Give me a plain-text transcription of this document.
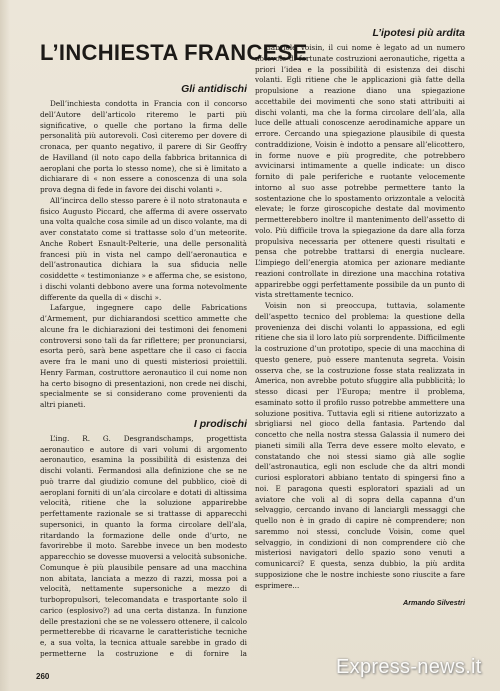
L’INCHIESTA FRANCESE
Gli antidischi

Dell’inchiesta condotta in Francia con il concorso dell’Autore dell’articolo riteremo le parti più significative, o quelle che portano la firma delle personalità più autorevoli. Così citeremo per dovere di cronaca, per quanto negativo, il parere di Sir Geoffry de Havilland (il noto capo della fabbrica britannica di aeroplani che porta lo stesso nome), che si è limitato a dichiarare di « non essere a conoscenza di una sola prova degna di fede in favore dei dischi volanti ».

All’incirca dello stesso parere è il noto stratonauta e fisico Augusto Piccard, che afferma di avere osservato una volta qualche cosa simile ad un disco volante, ma di aver constatato come si trattasse solo d’un meteorite. Anche Robert Esnault-Pelterie, una delle personalità francesi più in vista nel campo dell’aeronautica e dell’astronautica dichiara la sua sfiducia nelle cosiddette « testimonianze » e afferma che, se esistono, i dischi volanti debbono avere una forma notevolmente differente da quella di « dischi ».

Lafargue, ingegnere capo delle Fabrications d’Armement, pur dichiarandosi scettico ammette che alcune fra le dichiarazioni dei testimoni dei fenomeni controversi sono tali da far riflettere; per pronunciarsi, esorta però, sarà bene aspettare che il caso ci faccia avere fra le mani uno di questi misteriosi proiettili. Henry Farman, costruttore aeronautico il cui nome non ha certo bisogno di presentazioni, non crede nei dischi, specialmente se si considerano come provenienti da altri pianeti.

I prodischi

L’ing. R. G. Desgrandschamps, progettista aeronautico e autore di vari volumi di argomento aeronautico, esamina la possibilità di esistenza dei dischi volanti. Fermandosi alla definizione che se ne può trarre dal giudizio comune del pubblico, cioè di aeroplani forniti di un’ala circolare e dotati di altissima velocità, ritiene che la soluzione apparirebbe perfettamente razionale se si trattasse di apparecchi supersonici, in quanto la forma circolare dell’ala, ritardando la formazione delle onde d’urto, ne favorirebbe il moto. Sarebbe invece un ben modesto apparecchio se dovesse muoversi a velocità subsoniche. Comunque è più plausibile pensare ad una macchina non abitata, lanciata a mezzo di razzi, mossa poi a velocità, nettamente supersoniche a mezzo di turbopropulsori, telecomandata e trasportante solo il carico (esplosivo?) ad una certa distanza. In funzione delle prestazioni che se ne volessero ottenere, il calcolo permetterebbe di ricavarne le caratteristiche tecniche e, a sua volta, la tecnica attuale sarebbe in grado di permetterne la costruzione e di fornire la

L’ipotesi più ardita

Gabriele Voisin, il cui nome è legato ad un numero notevole di fortunate costruzioni aeronautiche, rigetta a priori l’idea e la possibilità di esistenza dei dischi volanti. Egli ritiene che le applicazioni già fatte della propulsione a reazione diano una spiegazione accettabile dei movimenti che sono stati attribuiti ai dischi volanti, ma che la forma circolare dell’ala, alla luce delle attuali conoscenze aerodinamiche appare un errore. Cercando una spiegazione plausibile di questa contraddizione, Voisin è indotto a pensare all’elicottero, in forme nuove e più progredite, che potrebbero avvicinarsi intimamente a quelle indicate: un disco fornito di pale periferiche e ruotante velocemente intorno al suo asse potrebbe permettere tanto la sostentazione che lo spostamento orizzontale a velocità elevate; le forze giroscopiche destate dal movimento permetterebbero inoltre il mantenimento dell’assetto di volo. Più difficile trova la spiegazione da dare alla forza propulsiva necessaria per ottenere questi risultati e pensa che potrebbe trattarsi di energia nucleare. L’impiego dell’energia atomica per azionare mediante reazioni controllate in direzione una macchina rotativa apparirebbe oggi perfettamente possibile da un punto di vista strettamente tecnico.

Voisin non si preoccupa, tuttavia, solamente dell’aspetto tecnico del problema: la questione della provenienza dei dischi volanti lo appassiona, ed egli ritiene che sia il loro lato più sorprendente. Difficilmente la costruzione d’un prototipo, specie di una macchina di questo genere, può essere mantenuta segreta. Voisin osserva che, se la costruzione fosse stata realizzata in America, non avrebbe potuto sfuggire alla pubblicità; lo stesso dicasi per l’Europa; mentre il problema, esaminato sotto il profilo russo potrebbe ammettere una soluzione positiva. Tuttavia egli si ritiene autorizzato a sbrigliarsi nel gioco della fantasia. Partendo dal concetto che nella nostra stessa Galassia il numero dei pianeti simili alla Terra deve essere molto elevato, e constatando che noi stessi siamo già alle soglie dell’astronautica, egli non esclude che da altri mondi curiosi esploratori abbiano tentato di spingersi fino a noi. E paragona questi esploratori spaziali ad un aviatore che voli al di sopra della capanna d’un selvaggio, cercando invano di lanciargli messaggi che quello non è in grado di capire nè comprendere; non saremmo noi stessi, conclude Voisin, come quel selvaggio, in condizioni di non comprendere ciò che misteriosi navigatori dello spazio sono venuti a comunicarci? E questa, senza dubbio, la più ardita supposizione che le nostre inchieste sono riuscite a fare esprimere...

Armando Silvestri
260	Express-news.it
